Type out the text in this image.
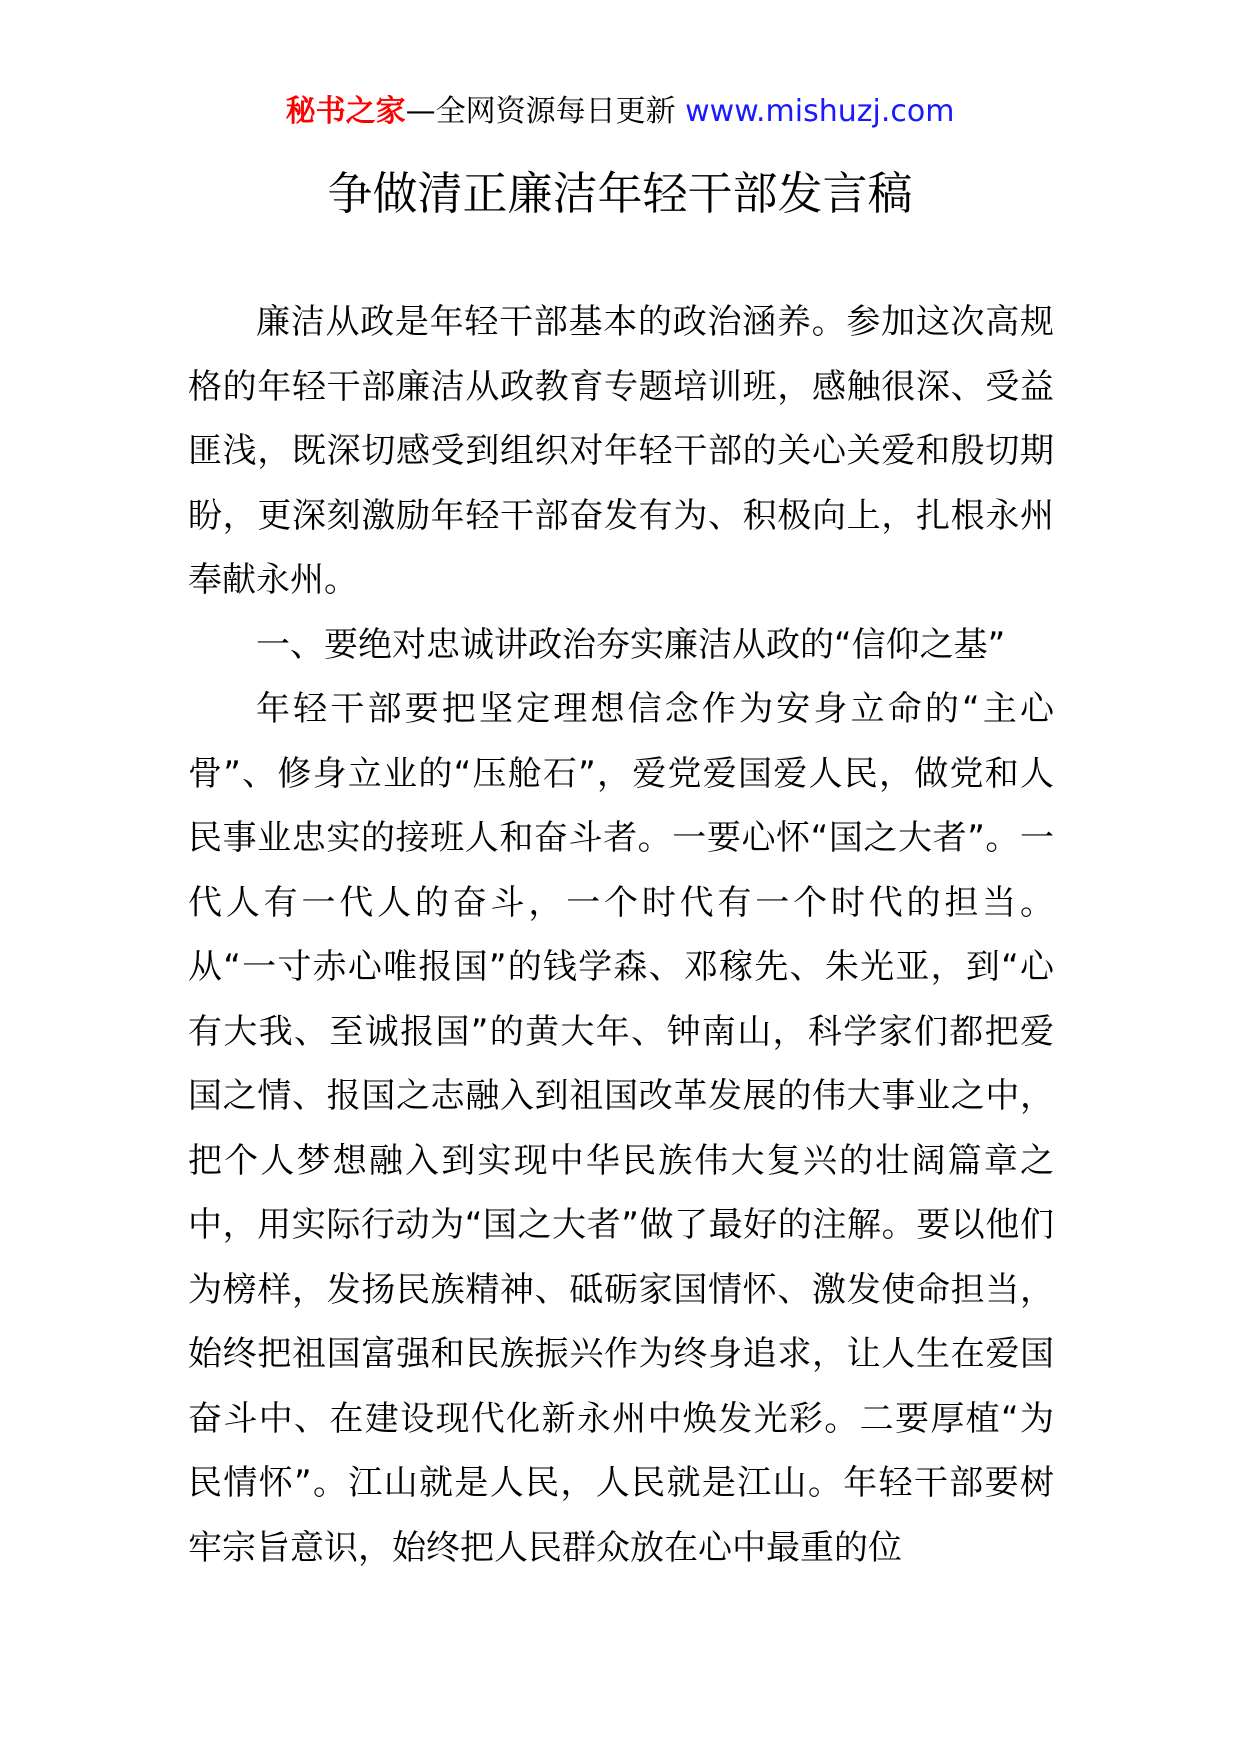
秘书之家—全网资源每日更新 www.mishuzj.com
争做清正廉洁年轻干部发言稿

廉洁从政是年轻干部基本的政治涵养。参加这次高规格的年轻干部廉洁从政教育专题培训班，感触很深、受益匪浅，既深切感受到组织对年轻干部的关心关爱和殷切期盼，更深刻激励年轻干部奋发有为、积极向上，扎根永州奉献永州。

一、要绝对忠诚讲政治夯实廉洁从政的“信仰之基”

年轻干部要把坚定理想信念作为安身立命的“主心骨”、修身立业的“压舱石”，爱党爱国爱人民，做党和人民事业忠实的接班人和奋斗者。一要心怀“国之大者”。一代人有一代人的奋斗，一个时代有一个时代的担当。从“一寸赤心唯报国”的钱学森、邓稼先、朱光亚，到“心有大我、至诚报国”的黄大年、钟南山，科学家们都把爱国之情、报国之志融入到祖国改革发展的伟大事业之中，把个人梦想融入到实现中华民族伟大复兴的壮阔篇章之中，用实际行动为“国之大者”做了最好的注解。要以他们为榜样，发扬民族精神、砥砺家国情怀、激发使命担当，始终把祖国富强和民族振兴作为终身追求，让人生在爱国奋斗中、在建设现代化新永州中焕发光彩。二要厚植“为民情怀”。江山就是人民，人民就是江山。年轻干部要树牢宗旨意识，始终把人民群众放在心中最重的位
